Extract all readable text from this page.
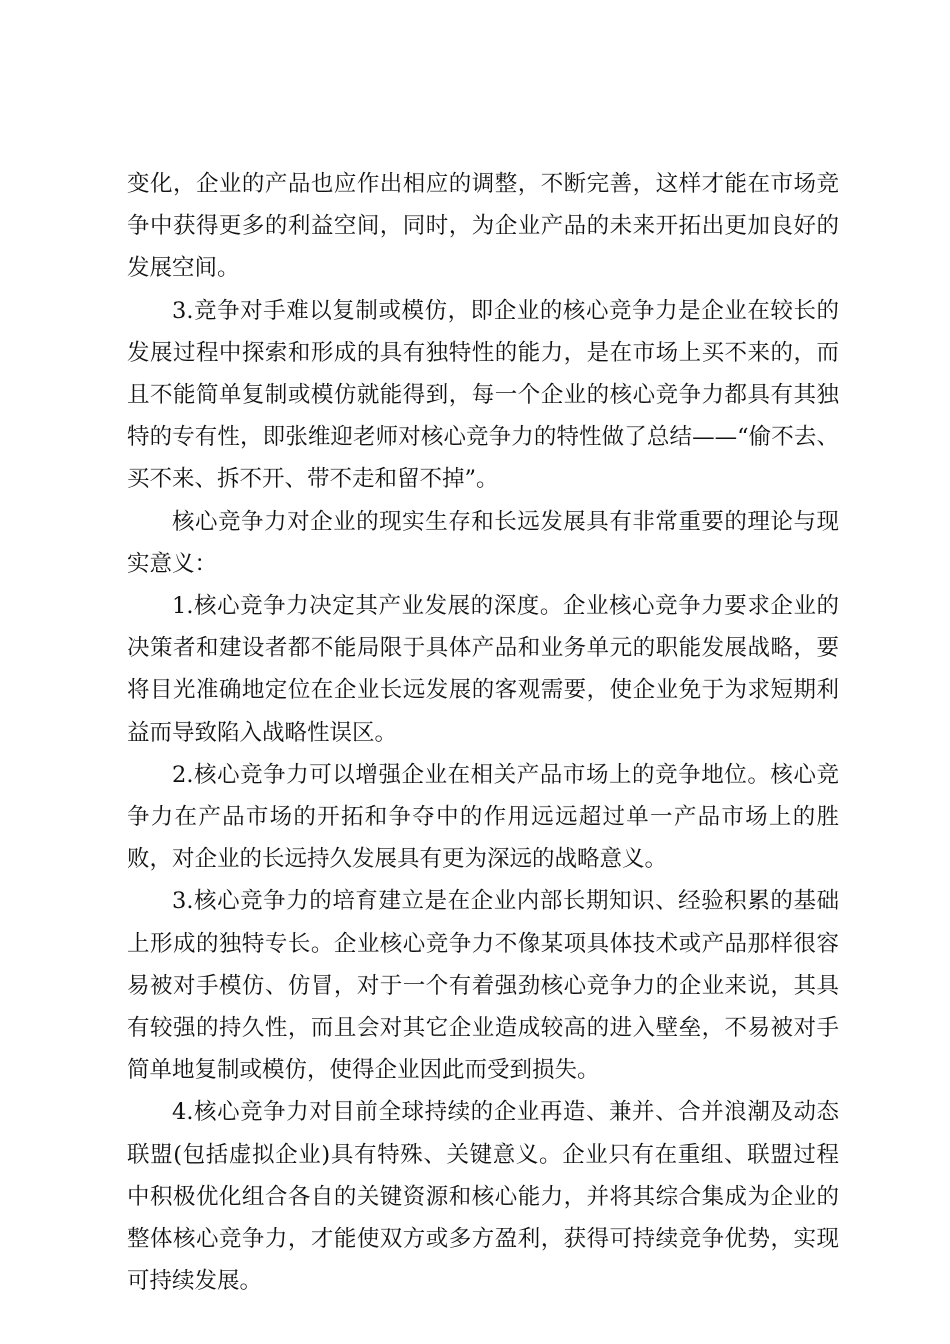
变化，企业的产品也应作出相应的调整，不断完善，这样才能在市场竞争中获得更多的利益空间，同时，为企业产品的未来开拓出更加良好的发展空间。

3.竞争对手难以复制或模仿，即企业的核心竞争力是企业在较长的发展过程中探索和形成的具有独特性的能力，是在市场上买不来的，而且不能简单复制或模仿就能得到，每一个企业的核心竞争力都具有其独特的专有性，即张维迎老师对核心竞争力的特性做了总结——“偷不去、买不来、拆不开、带不走和留不掉”。

核心竞争力对企业的现实生存和长远发展具有非常重要的理论与现实意义：

1.核心竞争力决定其产业发展的深度。企业核心竞争力要求企业的决策者和建设者都不能局限于具体产品和业务单元的职能发展战略，要将目光准确地定位在企业长远发展的客观需要，使企业免于为求短期利益而导致陷入战略性误区。

2.核心竞争力可以增强企业在相关产品市场上的竞争地位。核心竞争力在产品市场的开拓和争夺中的作用远远超过单一产品市场上的胜败，对企业的长远持久发展具有更为深远的战略意义。

3.核心竞争力的培育建立是在企业内部长期知识、经验积累的基础上形成的独特专长。企业核心竞争力不像某项具体技术或产品那样很容易被对手模仿、仿冒，对于一个有着强劲核心竞争力的企业来说，其具有较强的持久性，而且会对其它企业造成较高的进入壁垒，不易被对手简单地复制或模仿，使得企业因此而受到损失。

4.核心竞争力对目前全球持续的企业再造、兼并、合并浪潮及动态联盟(包括虚拟企业)具有特殊、关键意义。企业只有在重组、联盟过程中积极优化组合各自的关键资源和核心能力，并将其综合集成为企业的整体核心竞争力，才能使双方或多方盈利，获得可持续竞争优势，实现可持续发展。
